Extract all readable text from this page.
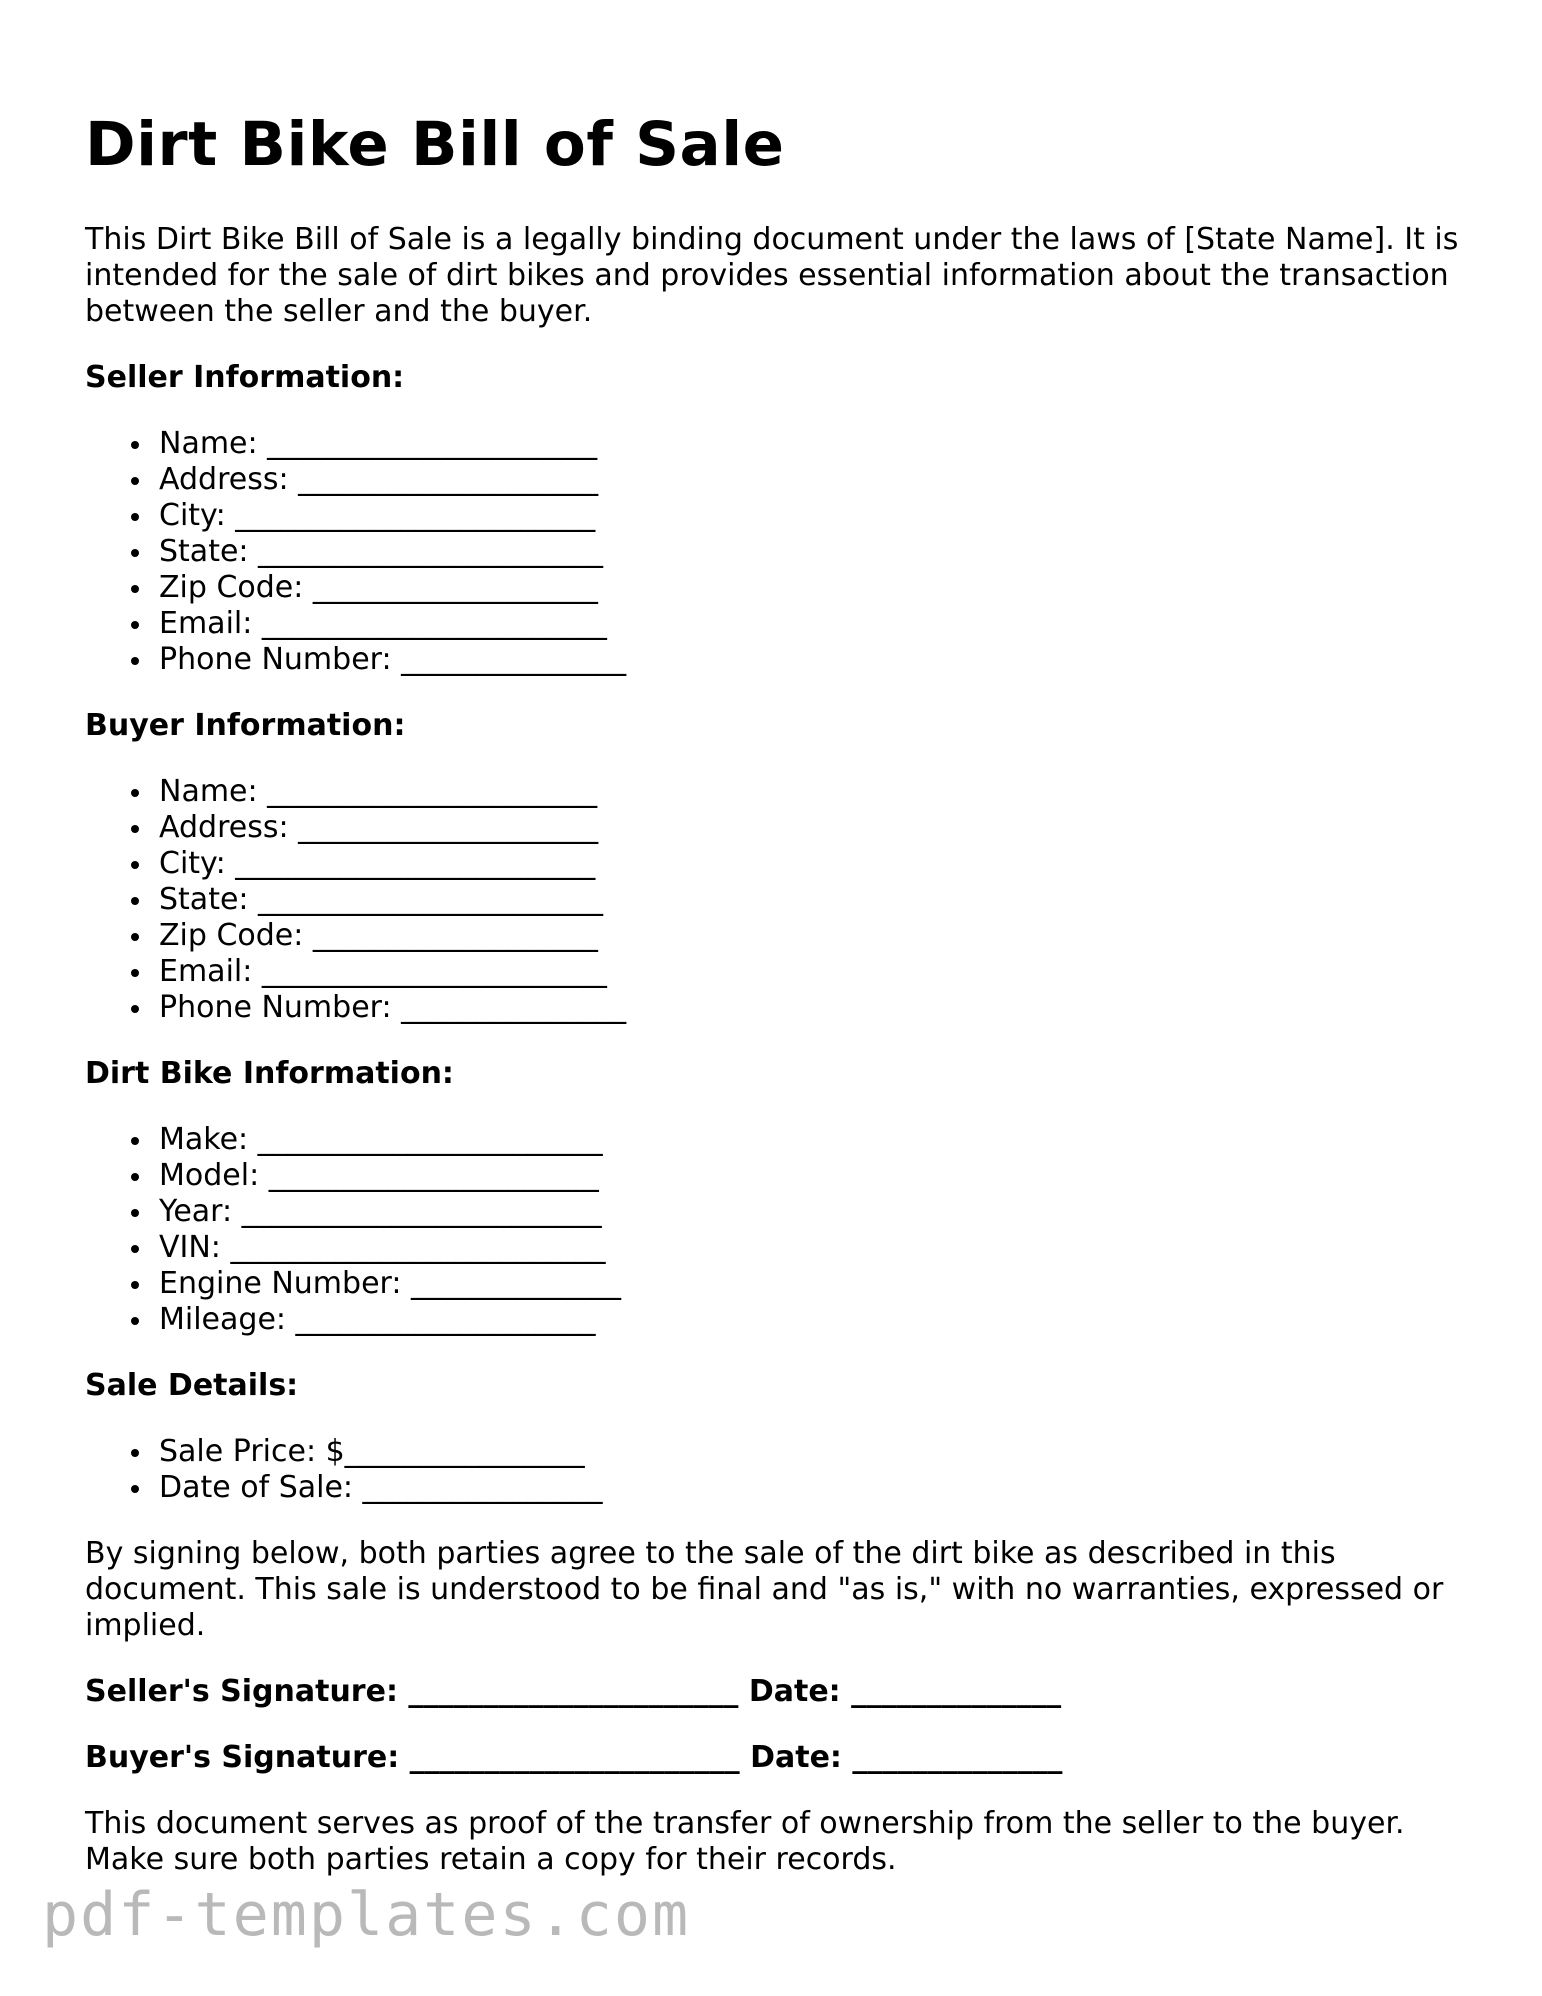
Dirt Bike Bill of Sale

This Dirt Bike Bill of Sale is a legally binding document under the laws of [State Name]. It is intended for the sale of dirt bikes and provides essential information about the transaction between the seller and the buyer.

Seller Information:
Name: ______________________
Address: ____________________
City: ________________________
State: _______________________
Zip Code: ___________________
Email: _______________________
Phone Number: _______________
Buyer Information:
Name: ______________________
Address: ____________________
City: ________________________
State: _______________________
Zip Code: ___________________
Email: _______________________
Phone Number: _______________
Dirt Bike Information:
Make: _______________________
Model: ______________________
Year: ________________________
VIN: _________________________
Engine Number: ______________
Mileage: ____________________
Sale Details:
Sale Price: $________________
Date of Sale: ________________

By signing below, both parties agree to the sale of the dirt bike as described in this document. This sale is understood to be final and "as is," with no warranties, expressed or implied.

Seller's Signature: ______________________ Date: ______________
Buyer's Signature: ______________________ Date: ______________

This document serves as proof of the transfer of ownership from the seller to the buyer. Make sure both parties retain a copy for their records.

pdf-templates.com
